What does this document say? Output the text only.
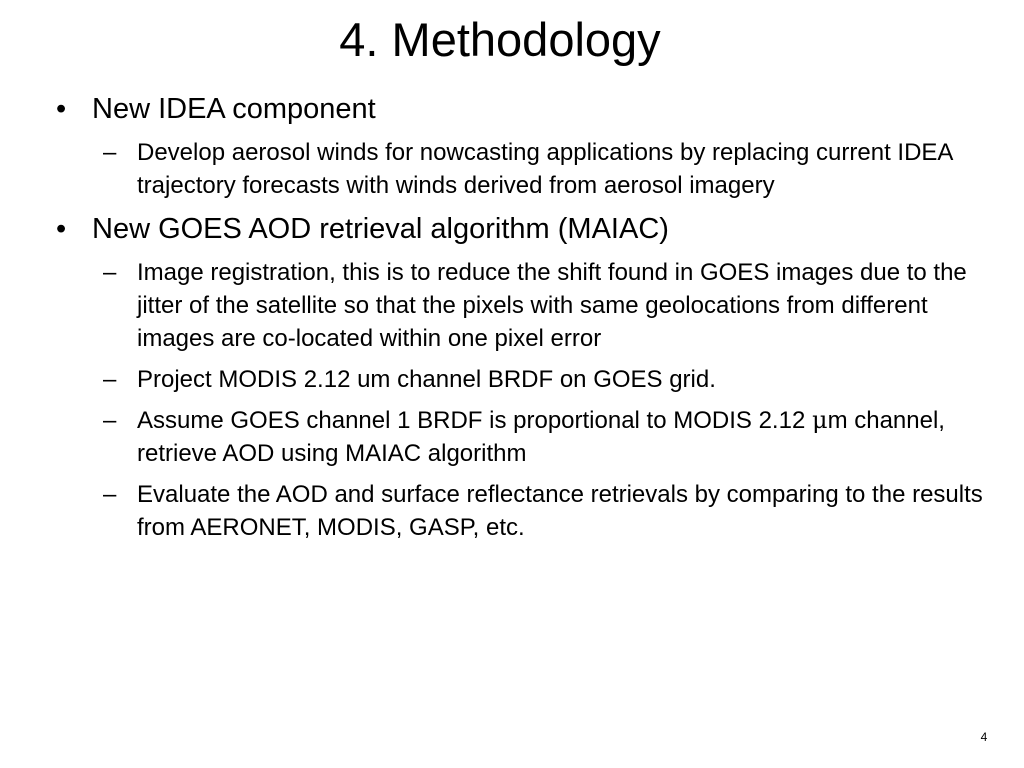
4. Methodology

• New IDEA component

– Develop aerosol winds for nowcasting applications by replacing current IDEA trajectory forecasts with winds derived from aerosol imagery

• New GOES AOD retrieval algorithm (MAIAC)

– Image registration, this is to reduce the shift found in GOES images due to the jitter of the satellite so that the pixels with same geolocations from different images are co-located within one pixel error

– Project MODIS 2.12 um channel BRDF on GOES grid.

– Assume GOES channel 1 BRDF is proportional to MODIS 2.12 μm channel, retrieve AOD using MAIAC algorithm

– Evaluate the AOD and surface reflectance retrievals by comparing to the results from AERONET, MODIS, GASP, etc.

4
